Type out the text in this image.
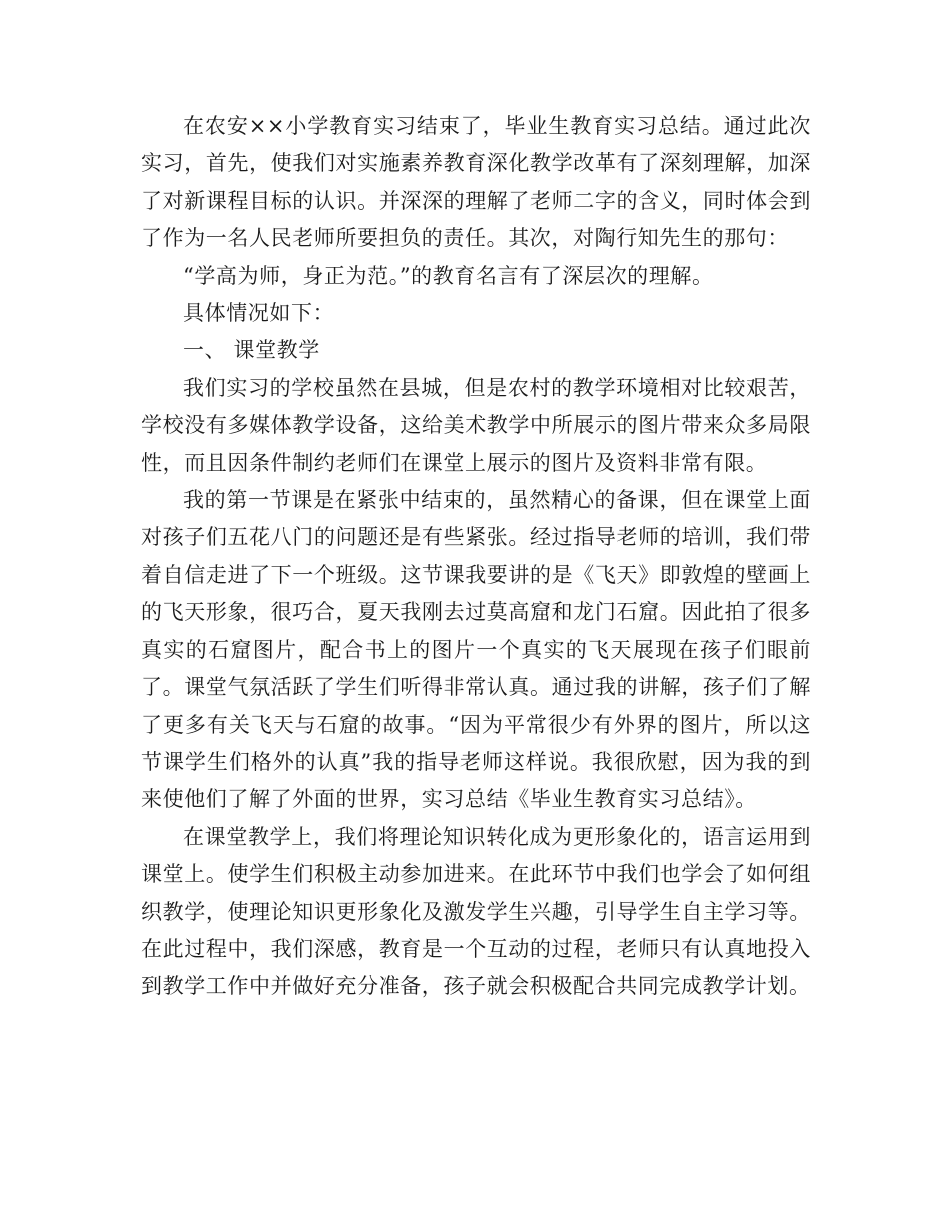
在农安××小学教育实习结束了，毕业生教育实习总结。通过此次实习，首先，使我们对实施素养教育深化教学改革有了深刻理解，加深了对新课程目标的认识。并深深的理解了老师二字的含义，同时体会到了作为一名人民老师所要担负的责任。其次，对陶行知先生的那句：

“学高为师，身正为范。”的教育名言有了深层次的理解。

具体情况如下：

一、 课堂教学

我们实习的学校虽然在县城，但是农村的教学环境相对比较艰苦，学校没有多媒体教学设备，这给美术教学中所展示的图片带来众多局限性，而且因条件制约老师们在课堂上展示的图片及资料非常有限。

我的第一节课是在紧张中结束的，虽然精心的备课，但在课堂上面对孩子们五花八门的问题还是有些紧张。经过指导老师的培训，我们带着自信走进了下一个班级。这节课我要讲的是《飞天》即敦煌的壁画上的飞天形象，很巧合，夏天我刚去过莫高窟和龙门石窟。因此拍了很多真实的石窟图片，配合书上的图片一个真实的飞天展现在孩子们眼前了。课堂气氛活跃了学生们听得非常认真。通过我的讲解，孩子们了解了更多有关飞天与石窟的故事。“因为平常很少有外界的图片，所以这节课学生们格外的认真”我的指导老师这样说。我很欣慰，因为我的到来使他们了解了外面的世界，实习总结《毕业生教育实习总结》。

在课堂教学上，我们将理论知识转化成为更形象化的，语言运用到课堂上。使学生们积极主动参加进来。在此环节中我们也学会了如何组织教学，使理论知识更形象化及激发学生兴趣，引导学生自主学习等。在此过程中，我们深感，教育是一个互动的过程，老师只有认真地投入到教学工作中并做好充分准备，孩子就会积极配合共同完成教学计划。
